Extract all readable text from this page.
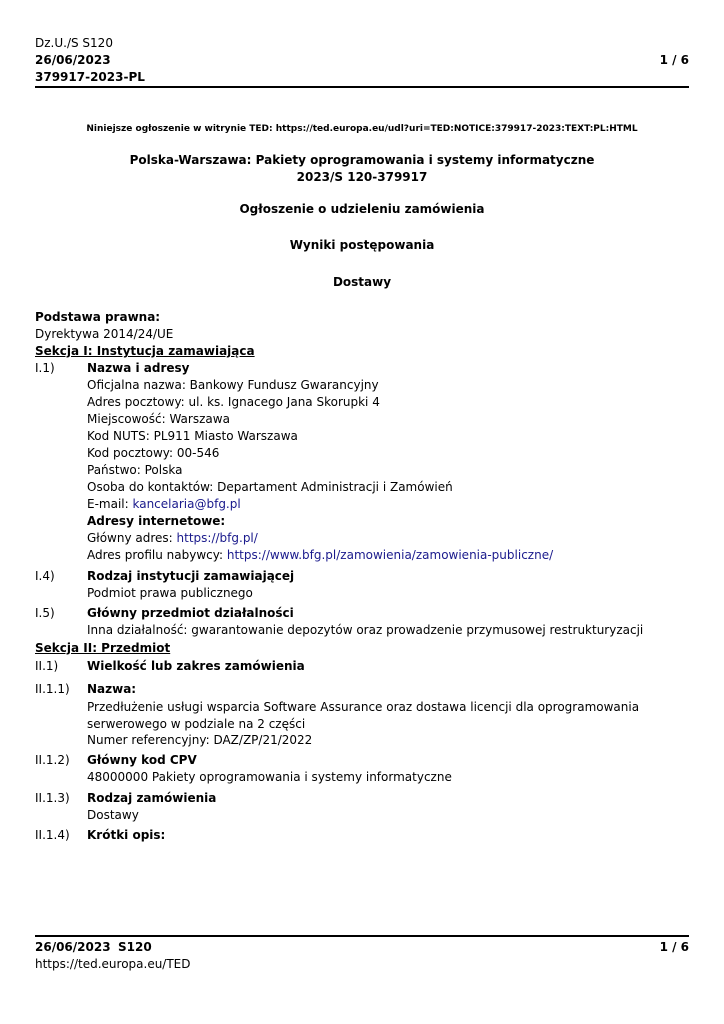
Dz.U./S S120
26/06/2023
379917-2023-PL
1 / 6
Niniejsze ogłoszenie w witrynie TED: https://ted.europa.eu/udl?uri=TED:NOTICE:379917-2023:TEXT:PL:HTML
Polska-Warszawa: Pakiety oprogramowania i systemy informatyczne
2023/S 120-379917
Ogłoszenie o udzieleniu zamówienia
Wyniki postępowania
Dostawy
Podstawa prawna:
Dyrektywa 2014/24/UE
Sekcja I: Instytucja zamawiająca
I.1)	Nazwa i adresy
Oficjalna nazwa: Bankowy Fundusz Gwarancyjny
Adres pocztowy: ul. ks. Ignacego Jana Skorupki 4
Miejscowość: Warszawa
Kod NUTS: PL911 Miasto Warszawa
Kod pocztowy: 00-546
Państwo: Polska
Osoba do kontaktów: Departament Administracji i Zamówień
E-mail: kancelaria@bfg.pl
Adresy internetowe:
Główny adres: https://bfg.pl/
Adres profilu nabywcy: https://www.bfg.pl/zamowienia/zamowienia-publiczne/
I.4)	Rodzaj instytucji zamawiającej
Podmiot prawa publicznego
I.5)	Główny przedmiot działalności
Inna działalność: gwarantowanie depozytów oraz prowadzenie przymusowej restrukturyzacji
Sekcja II: Przedmiot
II.1) Wielkość lub zakres zamówienia
II.1.1) Nazwa:
Przedłużenie usługi wsparcia Software Assurance oraz dostawa licencji dla oprogramowania serwerowego w podziale na 2 części
Numer referencyjny: DAZ/ZP/21/2022
II.1.2) Główny kod CPV
48000000 Pakiety oprogramowania i systemy informatyczne
II.1.3) Rodzaj zamówienia
Dostawy
II.1.4) Krótki opis:
26/06/2023 S120	1 / 6
https://ted.europa.eu/TED
